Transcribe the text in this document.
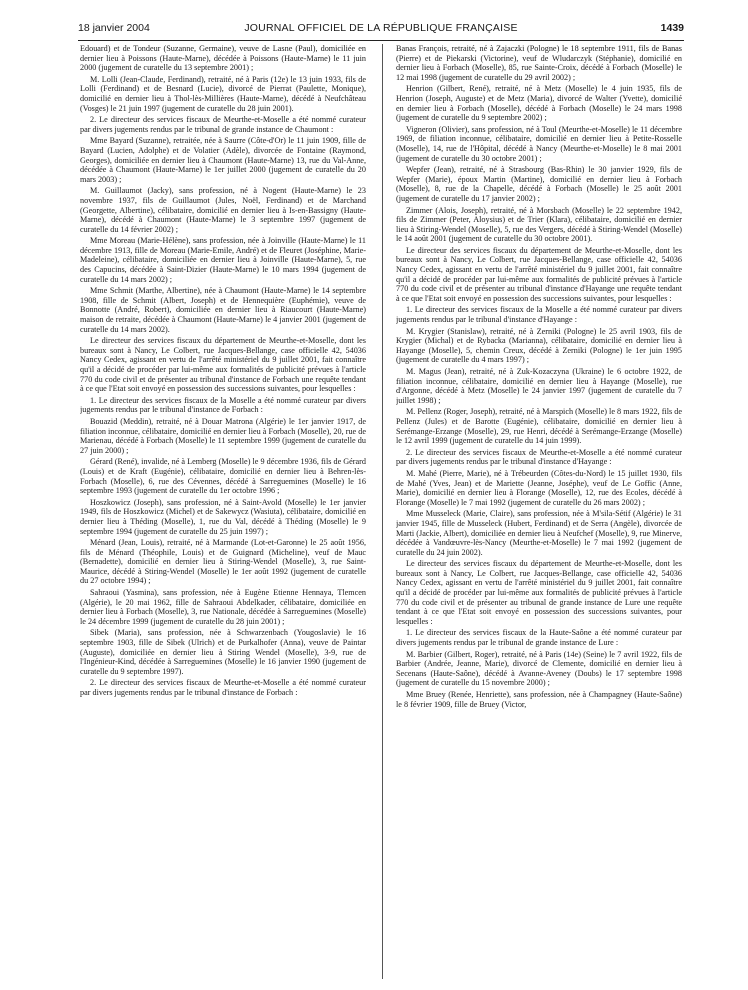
18 janvier 2004	JOURNAL OFFICIEL DE LA RÉPUBLIQUE FRANÇAISE	1439

Edouard) et de Tondeur (Suzanne, Germaine), veuve de Lasne (Paul), domiciliée en dernier lieu à Poissons (Haute-Marne), décédée à Poissons (Haute-Marne) le 11 juin 2000 (jugement de curatelle du 13 septembre 2001) ;

M. Lolli (Jean-Claude, Ferdinand), retraité, né à Paris (12e) le 13 juin 1933, fils de Lolli (Ferdinand) et de Besnard (Lucie), divorcé de Pierrat (Paulette, Monique), domicilié en dernier lieu à Thol-lès-Millières (Haute-Marne), décédé à Neufchâteau (Vosges) le 21 juin 1997 (jugement de curatelle du 28 juin 2001).

2. Le directeur des services fiscaux de Meurthe-et-Moselle a été nommé curateur par divers jugements rendus par le tribunal de grande instance de Chaumont :

Mme Bayard (Suzanne), retraitée, née à Saurre (Côte-d'Or) le 11 juin 1909, fille de Bayard (Lucien, Adolphe) et de Volatier (Adèle), divorcée de Fontaine (Raymond, Georges), domiciliée en dernier lieu à Chaumont (Haute-Marne) 13, rue du Val-Anne, décédée à Chaumont (Haute-Marne) le 1er juillet 2000 (jugement de curatelle du 20 mars 2003) ;

M. Guillaumot (Jacky), sans profession, né à Nogent (Haute-Marne) le 23 novembre 1937, fils de Guillaumot (Jules, Noël, Ferdinand) et de Marchand (Georgette, Albertine), célibataire, domicilié en dernier lieu à Is-en-Bassigny (Haute-Marne), décédé à Chaumont (Haute-Marne) le 3 septembre 1997 (jugement de curatelle du 14 février 2002) ;

Mme Moreau (Marie-Hélène), sans profession, née à Joinville (Haute-Marne) le 11 décembre 1913, fille de Moreau (Marie-Emile, André) et de Fleuret (Joséphine, Marie-Madeleine), célibataire, domiciliée en dernier lieu à Joinville (Haute-Marne), 5, rue des Capucins, décédée à Saint-Dizier (Haute-Marne) le 10 mars 1994 (jugement de curatelle du 14 mars 2002) ;

Mme Schmit (Marthe, Albertine), née à Chaumont (Haute-Marne) le 14 septembre 1908, fille de Schmit (Albert, Joseph) et de Hennequière (Euphémie), veuve de Bonnotte (André, Robert), domiciliée en dernier lieu à Riaucourt (Haute-Marne) maison de retraite, décédée à Chaumont (Haute-Marne) le 4 janvier 2001 (jugement de curatelle du 14 mars 2002).

Le directeur des services fiscaux du département de Meurthe-et-Moselle, dont les bureaux sont à Nancy, Le Colbert, rue Jacques-Bellange, case officielle 42, 54036 Nancy Cedex, agissant en vertu de l'arrêté ministériel du 9 juillet 2001, fait connaître qu'il a décidé de procéder par lui-même aux formalités de publicité prévues à l'article 770 du code civil et de présenter au tribunal d'instance de Forbach une requête tendant à ce que l'Etat soit envoyé en possession des successions suivantes, pour lesquelles :

1. Le directeur des services fiscaux de la Moselle a été nommé curateur par divers jugements rendus par le tribunal d'instance de Forbach :

Bouazid (Meddin), retraité, né à Douar Matrona (Algérie) le 1er janvier 1917, de filiation inconnue, célibataire, domicilié en dernier lieu à Forbach (Moselle), 20, rue de Marienau, décédé à Forbach (Moselle) le 11 septembre 1999 (jugement de curatelle du 27 juin 2000) ;

Gérard (René), invalide, né à Lemberg (Moselle) le 9 décembre 1936, fils de Gérard (Louis) et de Kraft (Eugénie), célibataire, domicilié en dernier lieu à Behren-lès-Forbach (Moselle), 6, rue des Cévennes, décédé à Sarreguemines (Moselle) le 16 septembre 1993 (jugement de curatelle du 1er octobre 1996 ;

Hoszkowicz (Joseph), sans profession, né à Saint-Avold (Moselle) le 1er janvier 1949, fils de Hoszkowicz (Michel) et de Sakewycz (Wasiuta), célibataire, domicilié en dernier lieu à Théding (Moselle), 1, rue du Val, décédé à Théding (Moselle) le 9 septembre 1994 (jugement de curatelle du 25 juin 1997) ;

Ménard (Jean, Louis), retraité, né à Marmande (Lot-et-Garonne) le 25 août 1956, fils de Ménard (Théophile, Louis) et de Guignard (Micheline), veuf de Mauc (Bernadette), domicilié en dernier lieu à Stiring-Wendel (Moselle), 3, rue Saint-Maurice, décédé à Stiring-Wendel (Moselle) le 1er août 1992 (jugement de curatelle du 27 octobre 1994) ;

Sahraoui (Yasmina), sans profession, née à Eugène Etienne Hennaya, Tlemcen (Algérie), le 20 mai 1962, fille de Sahraoui Abdelkader, célibataire, domiciliée en dernier lieu à Forbach (Moselle), 3, rue Nationale, décédée à Sarreguemines (Moselle) le 24 décembre 1999 (jugement de curatelle du 28 juin 2001) ;

Sibek (Maria), sans profession, née à Schwarzenbach (Yougoslavie) le 16 septembre 1903, fille de Sibek (Ulrich) et de Purkalhofer (Anna), veuve de Paintar (Auguste), domiciliée en dernier lieu à Stiring Wendel (Moselle), 3-9, rue de l'Ingénieur-Kind, décédée à Sarreguemines (Moselle) le 16 janvier 1990 (jugement de curatelle du 9 septembre 1997).

2. Le directeur des services fiscaux de Meurthe-et-Moselle a été nommé curateur par divers jugements rendus par le tribunal d'instance de Forbach :

Banas François, retraité, né à Zajaczki (Pologne) le 18 septembre 1911, fils de Banas (Pierre) et de Piekarski (Victorine), veuf de Wludarczyk (Stéphanie), domicilié en dernier lieu à Forbach (Moselle), 85, rue Sainte-Croix, décédé à Forbach (Moselle) le 12 mai 1998 (jugement de curatelle du 29 avril 2002) ;

Henrion (Gilbert, René), retraité, né à Metz (Moselle) le 4 juin 1935, fils de Henrion (Joseph, Auguste) et de Metz (Maria), divorcé de Walter (Yvette), domicilié en dernier lieu à Forbach (Moselle), décédé à Forbach (Moselle) le 24 mars 1998 (jugement de curatelle du 9 septembre 2002) ;

Vigneron (Olivier), sans profession, né à Toul (Meurthe-et-Moselle) le 11 décembre 1969, de filiation inconnue, célibataire, domicilié en dernier lieu à Petite-Rosselle (Moselle), 14, rue de l'Hôpital, décédé à Nancy (Meurthe-et-Moselle) le 8 mai 2001 (jugement de curatelle du 30 octobre 2001) ;

Wepfer (Jean), retraité, né à Strasbourg (Bas-Rhin) le 30 janvier 1929, fils de Wepfer (Marie), époux Martin (Martine), domicilié en dernier lieu à Forbach (Moselle), 8, rue de la Chapelle, décédé à Forbach (Moselle) le 25 août 2001 (jugement de curatelle du 17 janvier 2002) ;

Zimmer (Alois, Joseph), retraité, né à Morsbach (Moselle) le 22 septembre 1942, fils de Zimmer (Peter, Aloysius) et de Trier (Klara), célibataire, domicilié en dernier lieu à Stiring-Wendel (Moselle), 5, rue des Vergers, décédé à Stiring-Wendel (Moselle) le 14 août 2001 (jugement de curatelle du 30 octobre 2001).

Le directeur des services fiscaux du département de Meurthe-et-Moselle, dont les bureaux sont à Nancy, Le Colbert, rue Jacques-Bellange, case officielle 42, 54036 Nancy Cedex, agissant en vertu de l'arrêté ministériel du 9 juillet 2001, fait connaître qu'il a décidé de procéder par lui-même aux formalités de publicité prévues à l'article 770 du code civil et de présenter au tribunal d'instance d'Hayange une requête tendant à ce que l'Etat soit envoyé en possession des successions suivantes, pour lesquelles :

1. Le directeur des services fiscaux de la Moselle a été nommé curateur par divers jugements rendus par le tribunal d'instance d'Hayange :

M. Krygier (Stanislaw), retraité, né à Zerniki (Pologne) le 25 avril 1903, fils de Krygier (Michal) et de Rybacka (Marianna), célibataire, domicilié en dernier lieu à Hayange (Moselle), 5, chemin Creux, décédé à Zerniki (Pologne) le 1er juin 1995 (jugement de curatelle du 4 mars 1997) ;

M. Magus (Jean), retraité, né à Zuk-Kozaczyna (Ukraine) le 6 octobre 1922, de filiation inconnue, célibataire, domicilié en dernier lieu à Hayange (Moselle), rue d'Argonne, décédé à Metz (Moselle) le 24 janvier 1997 (jugement de curatelle du 7 juillet 1998) ;

M. Pellenz (Roger, Joseph), retraité, né à Marspich (Moselle) le 8 mars 1922, fils de Pellenz (Jules) et de Barotte (Eugénie), célibataire, domicilié en dernier lieu à Serémange-Erzange (Moselle), 29, rue Henri, décédé à Serémange-Erzange (Moselle) le 12 avril 1999 (jugement de curatelle du 14 juin 1999).

2. Le directeur des services fiscaux de Meurthe-et-Moselle a été nommé curateur par divers jugements rendus par le tribunal d'instance d'Hayange :

M. Mahé (Pierre, Marie), né à Trébeurden (Côtes-du-Nord) le 15 juillet 1930, fils de Mahé (Yves, Jean) et de Mariette (Jeanne, Joséphe), veuf de Le Goffic (Anne, Marie), domicilié en dernier lieu à Florange (Moselle), 12, rue des Ecoles, décédé à Florange (Moselle) le 7 mai 1992 (jugement de curatelle du 26 mars 2002) ;

Mme Musseleck (Marie, Claire), sans profession, née à M'sila-Sétif (Algérie) le 31 janvier 1945, fille de Musseleck (Hubert, Ferdinand) et de Serra (Angèle), divorcée de Marti (Jackie, Albert), domiciliée en dernier lieu à Neufchef (Moselle), 9, rue Minerve, décédée à Vandœuvre-lès-Nancy (Meurthe-et-Moselle) le 7 mai 1992 (jugement de curatelle du 24 juin 2002).

Le directeur des services fiscaux du département de Meurthe-et-Moselle, dont les bureaux sont à Nancy, Le Colbert, rue Jacques-Bellange, case officielle 42, 54036 Nancy Cedex, agissant en vertu de l'arrêté ministériel du 9 juillet 2001, fait connaître qu'il a décidé de procéder par lui-même aux formalités de publicité prévues à l'article 770 du code civil et de présenter au tribunal de grande instance de Lure une requête tendant à ce que l'Etat soit envoyé en possession des successions suivantes, pour lesquelles :

1. Le directeur des services fiscaux de la Haute-Saône a été nommé curateur par divers jugements rendus par le tribunal de grande instance de Lure :

M. Barbier (Gilbert, Roger), retraité, né à Paris (14e) (Seine) le 7 avril 1922, fils de Barbier (Andrée, Jeanne, Marie), divorcé de Clemente, domicilié en dernier lieu à Secenans (Haute-Saône), décédé à Avanne-Aveney (Doubs) le 17 septembre 1998 (jugement de curatelle du 15 novembre 2000) ;

Mme Bruey (Renée, Henriette), sans profession, née à Champagney (Haute-Saône) le 8 février 1909, fille de Bruey (Victor,
